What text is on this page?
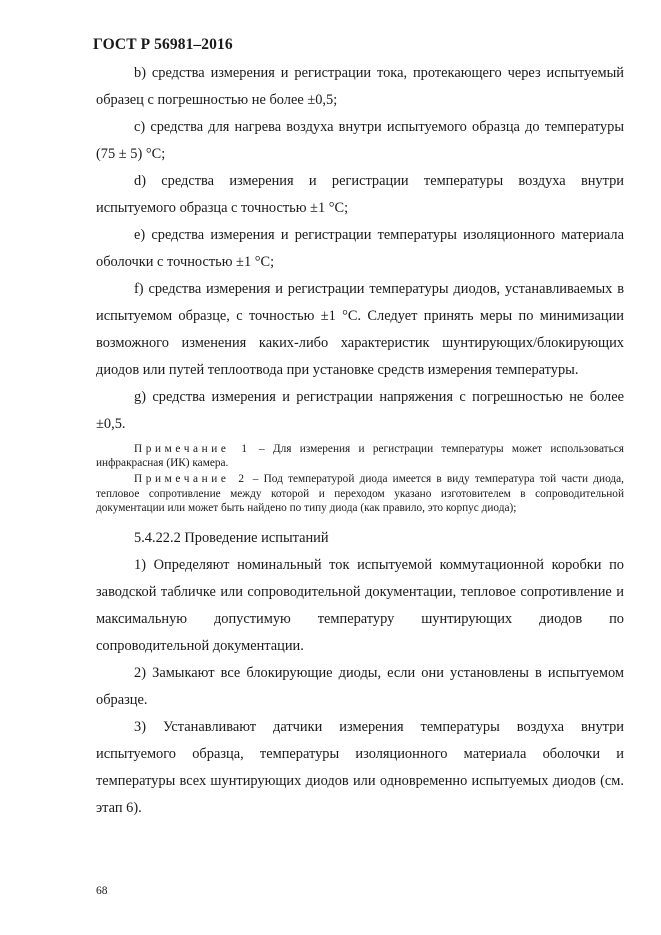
ГОСТ Р 56981–2016

b) средства измерения и регистрации тока, протекающего через испытуемый образец с погрешностью не более ±0,5;

c) средства для нагрева воздуха внутри испытуемого образца до температуры (75 ± 5) °C;

d) средства измерения и регистрации температуры воздуха внутри испытуемого образца с точностью ±1 °C;

e) средства измерения и регистрации температуры изоляционного материала оболочки с точностью ±1 °C;

f) средства измерения и регистрации температуры диодов, устанавливаемых в испытуемом образце, с точностью ±1 °C. Следует принять меры по минимизации возможного изменения каких-либо характеристик шунтирующих/блокирующих диодов или путей теплоотвода при установке средств измерения температуры.

g) средства измерения и регистрации напряжения с погрешностью не более ±0,5.

Примечание 1 – Для измерения и регистрации температуры может использоваться инфракрасная (ИК) камера.

Примечание 2 – Под температурой диода имеется в виду температура той части диода, тепловое сопротивление между которой и переходом указано изготовителем в сопроводительной документации или может быть найдено по типу диода (как правило, это корпус диода);

5.4.22.2 Проведение испытаний

1) Определяют номинальный ток испытуемой коммутационной коробки по заводской табличке или сопроводительной документации, тепловое сопротивление и максимальную допустимую температуру шунтирующих диодов по сопроводительной документации.

2) Замыкают все блокирующие диоды, если они установлены в испытуемом образце.

3) Устанавливают датчики измерения температуры воздуха внутри испытуемого образца, температуры изоляционного материала оболочки и температуры всех шунтирующих диодов или одновременно испытуемых диодов (см. этап 6).

68
